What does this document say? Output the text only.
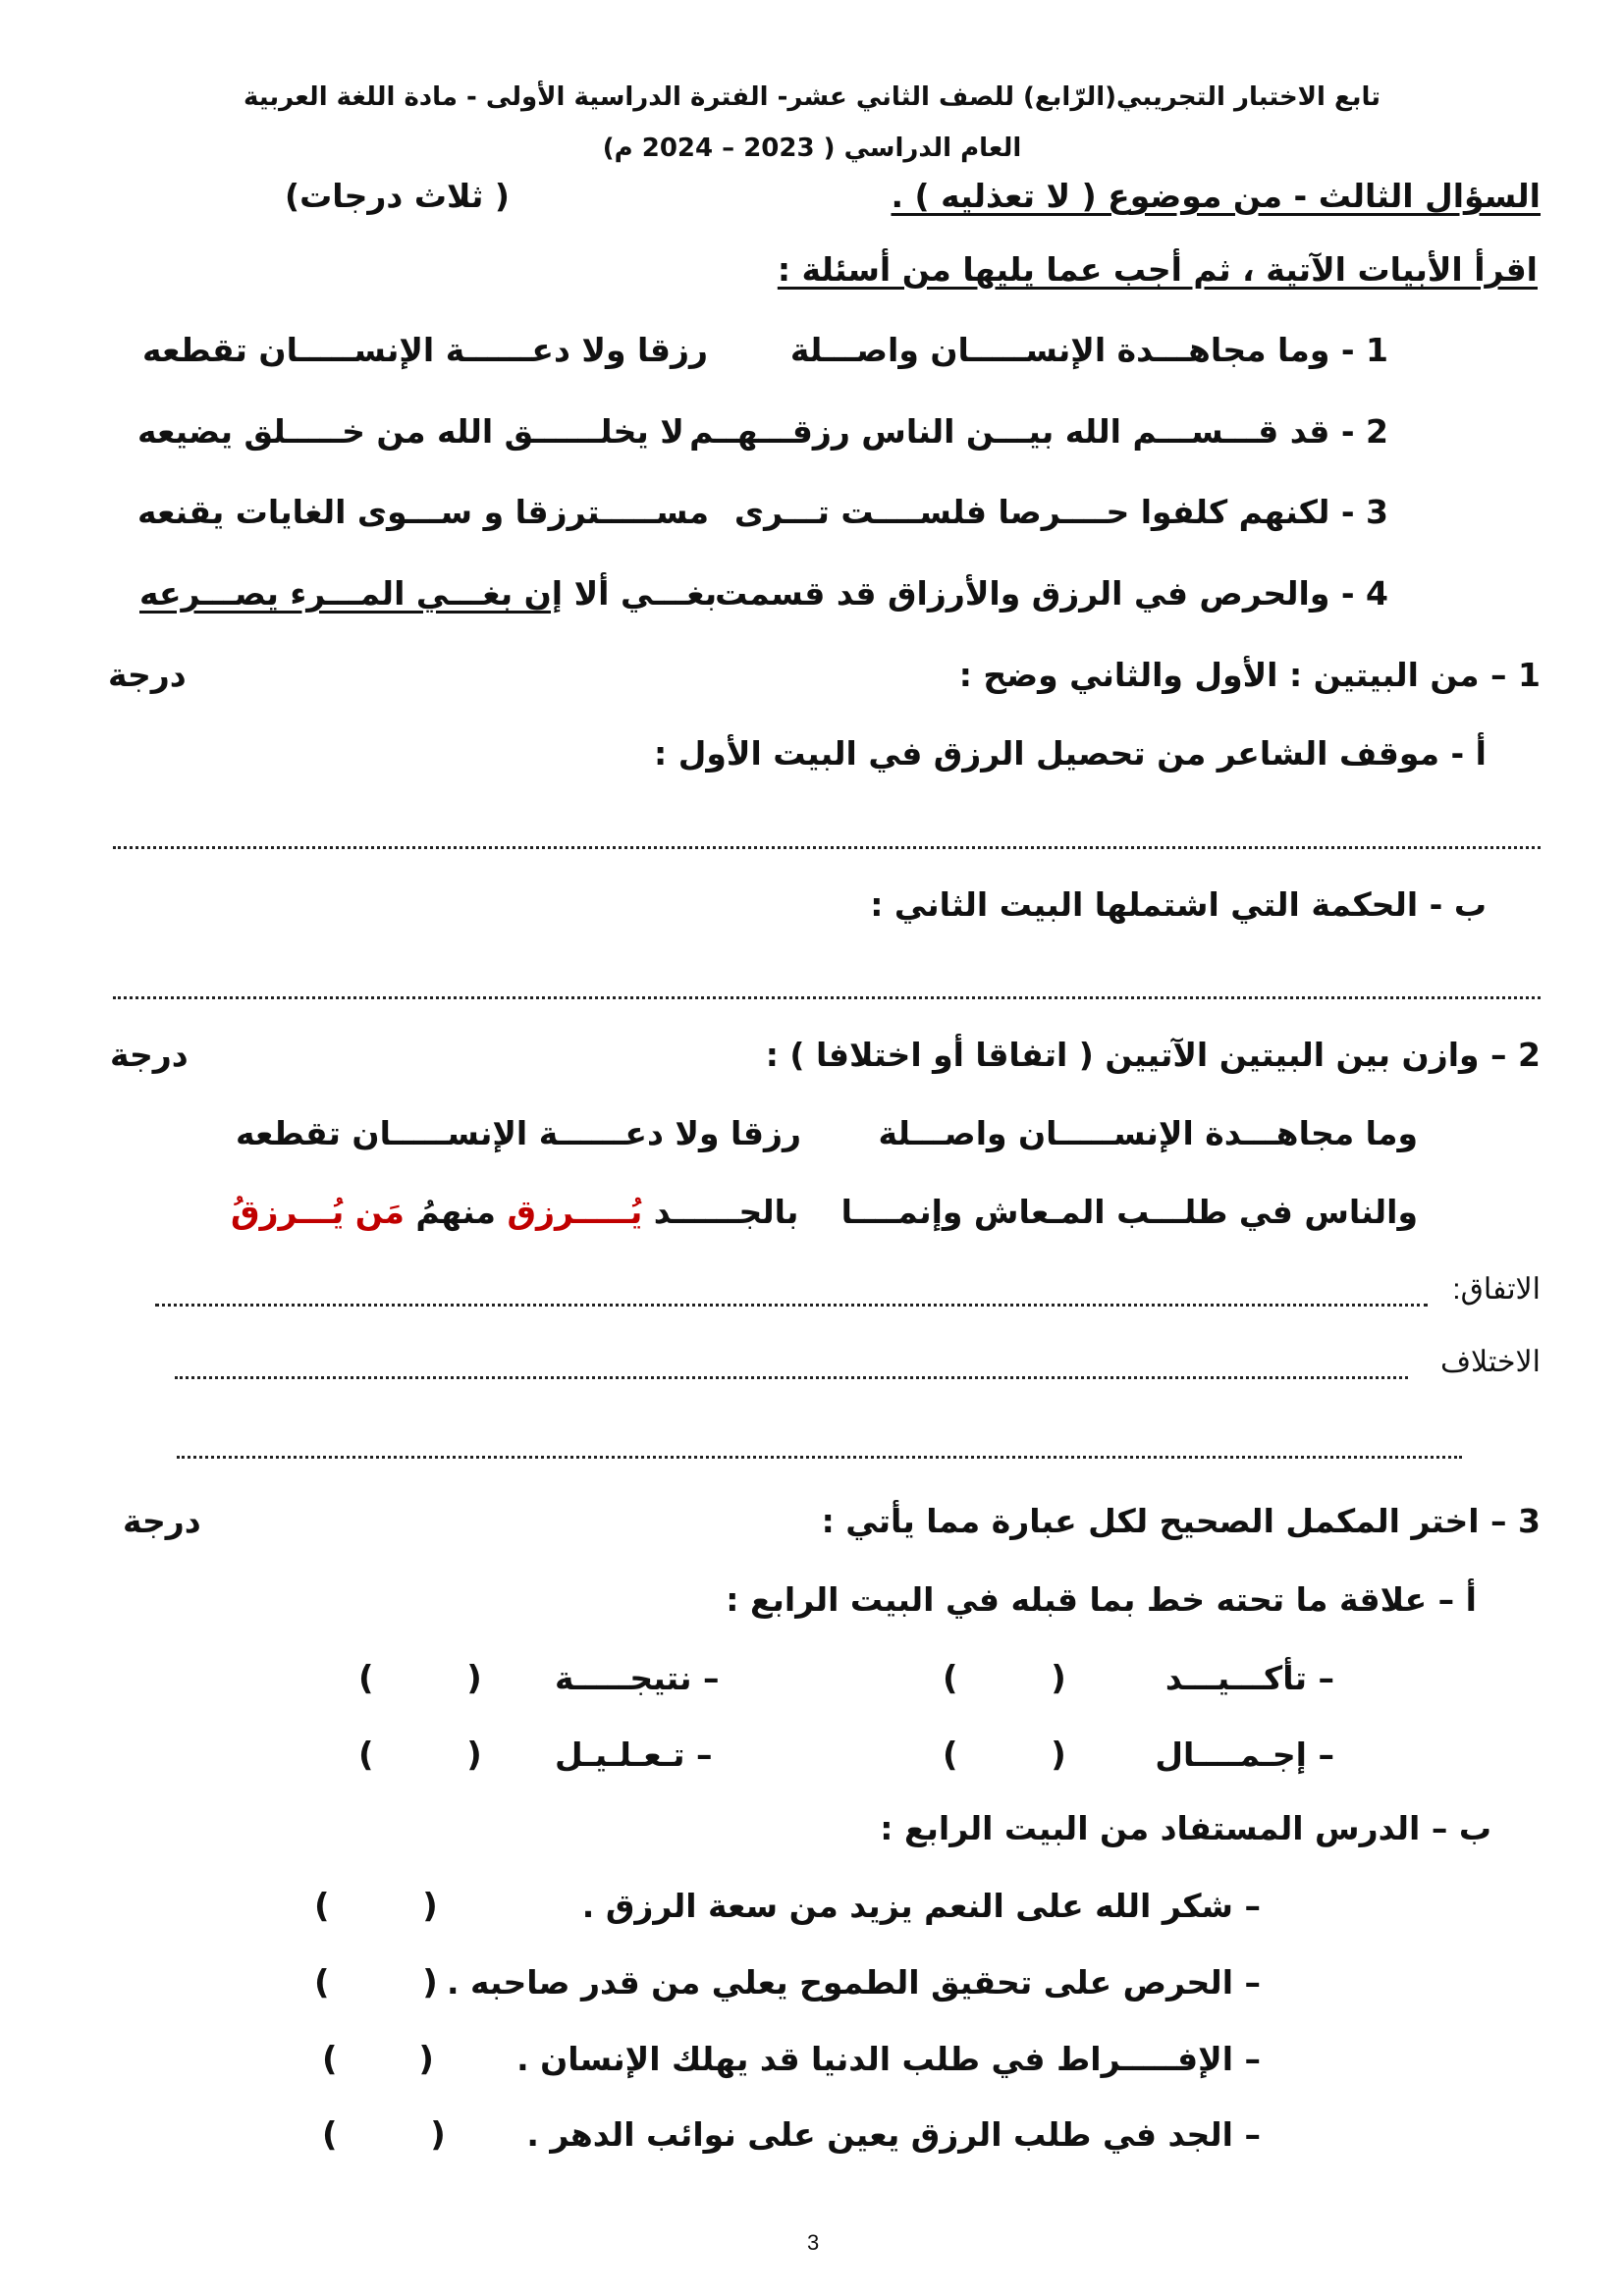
تابع الاختبار التجريبي(الرّابع) للصف الثاني عشر- الفترة الدراسية الأولى - مادة اللغة العربية
العام الدراسي ( 2023 – 2024 م)
السؤال الثالث - من موضوع ( لا تعذليه ) .
( ثلاث درجات)
اقرأ الأبيات الآتية ، ثم أجب عما يليها من أسئلة :
1 - وما مجاهـــدة الإنســـــان واصـــلة
رزقا ولا دعــــــة الإنســـــان تقطعه
2 - قد قـــســـم الله بيـــن الناس رزقـــهــم
لا يخلــــــق الله من خـــــلق يضيعه
3 - لكنهم كلفوا حــــرصا فلســــت تـــرى
مســـــترزقا و ســـوى الغايات يقنعه
4 - والحرص في الرزق والأرزاق قد قسمت
بغـــي ألا إن بغـــي المـــرء يصـــرعه
1 – من البيتين : الأول والثاني وضح :
درجة
أ - موقف الشاعر من تحصيل الرزق في البيت الأول :
ب - الحكمة التي اشتملها البيت الثاني :
2 – وازن بين البيتين الآتيين ( اتفاقا أو اختلافا ) :
درجة
وما مجاهـــدة الإنســـــان واصـــلة
رزقا ولا دعــــــة الإنســـــان تقطعه
والناس في طلـــب المـعاش وإنمــــا
بالجــــــد يُـــــرزق منهمُ مَن يُـــرزقُ
الاتفاق:
الاختلاف
3 – اختر المكمل الصحيح لكل عبارة مما يأتي :
درجة
أ – علاقة ما تحته خط بما قبله في البيت الرابع :
– تأكـــيـــد
(        )
– نتيجـــــة
(        )
– إجـمــــال
(        )
– تـعـلـيـل
(        )
ب – الدرس المستفاد من البيت الرابع :
– شكر الله على النعم يزيد من سعة الرزق .
(        )
– الحرص على تحقيق الطموح يعلي من قدر صاحبه .
(        )
– الإفـــــراط في طلب الدنيا قد يهلك الإنسان .
(       )
– الجد في طلب الرزق يعين على نوائب الدهر .
(        )
3
